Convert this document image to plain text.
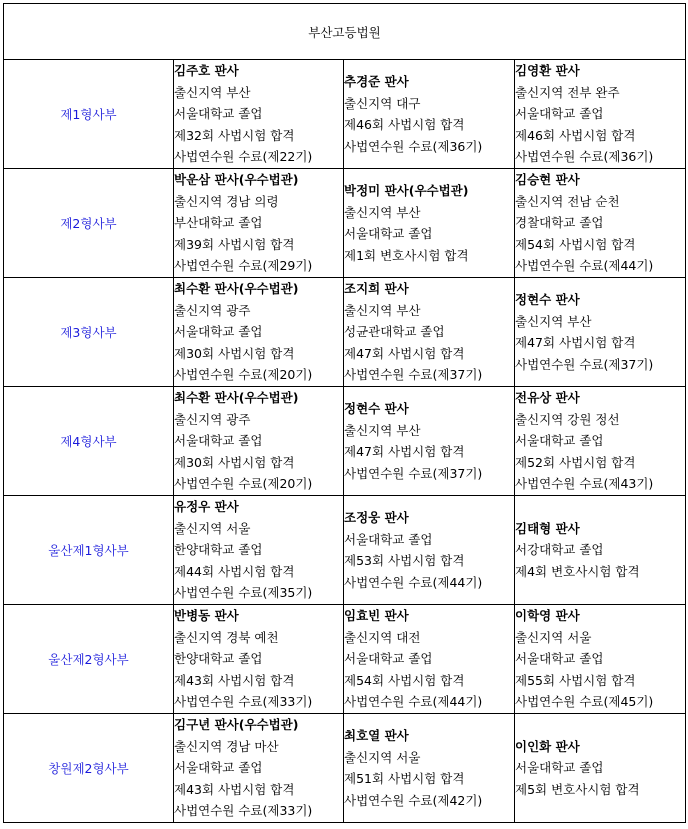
부산고등법원			
제1형사부	김주호 판사
출신지역 부산
서울대학교 졸업
제32회 사법시험 합격
사법연수원 수료(제22기)	추경준 판사
출신지역 대구
제46회 사법시험 합격
사법연수원 수료(제36기)	김영환 판사
출신지역 전부 완주
서울대학교 졸업
제46회 사법시험 합격
사법연수원 수료(제36기)

제2형사부	박운삼 판사(우수법관)
출신지역 경남 의령
부산대학교 졸업
제39회 사법시험 합격
사법연수원 수료(제29기)	박정미 판사(우수법관)
출신지역 부산
서울대학교 졸업
제1회 변호사시험 합격	김승현 판사
출신지역 전남 순천
경찰대학교 졸업
제54회 사법시험 합격
사법연수원 수료(제44기)

제3형사부	최수환 판사(우수법관)
출신지역 광주
서울대학교 졸업
제30회 사법시험 합격
사법연수원 수료(제20기)	조지희 판사
출신지역 부산
성균관대학교 졸업
제47회 사법시험 합격
사법연수원 수료(제37기)	정현수 판사
출신지역 부산
제47회 사법시험 합격
사법연수원 수료(제37기)

제4형사부	최수환 판사(우수법관)
출신지역 광주
서울대학교 졸업
제30회 사법시험 합격
사법연수원 수료(제20기)	정현수 판사
출신지역 부산
제47회 사법시험 합격
사법연수원 수료(제37기)	전유상 판사
출신지역 강원 정선
서울대학교 졸업
제52회 사법시험 합격
사법연수원 수료(제43기)

울산제1형사부	유정우 판사
출신지역 서울
한양대학교 졸업
제44회 사법시험 합격
사법연수원 수료(제35기)	조정웅 판사
서울대학교 졸업
제53회 사법시험 합격
사법연수원 수료(제44기)	김태형 판사
서강대학교 졸업
제4회 변호사시험 합격

울산제2형사부	반병동 판사
출신지역 경북 예천
한양대학교 졸업
제43회 사법시험 합격
사법연수원 수료(제33기)	임효빈 판사
출신지역 대전
서울대학교 졸업
제54회 사법시험 합격
사법연수원 수료(제44기)	이학영 판사
출신지역 서울
서울대학교 졸업
제55회 사법시험 합격
사법연수원 수료(제45기)

창원제2형사부	김구년 판사(우수법관)
출신지역 경남 마산
서울대학교 졸업
제43회 사법시험 합격
사법연수원 수료(제33기)	최호열 판사
출신지역 서울
제51회 사법시험 합격
사법연수원 수료(제42기)	이인화 판사
서울대학교 졸업
제5회 변호사시험 합격
